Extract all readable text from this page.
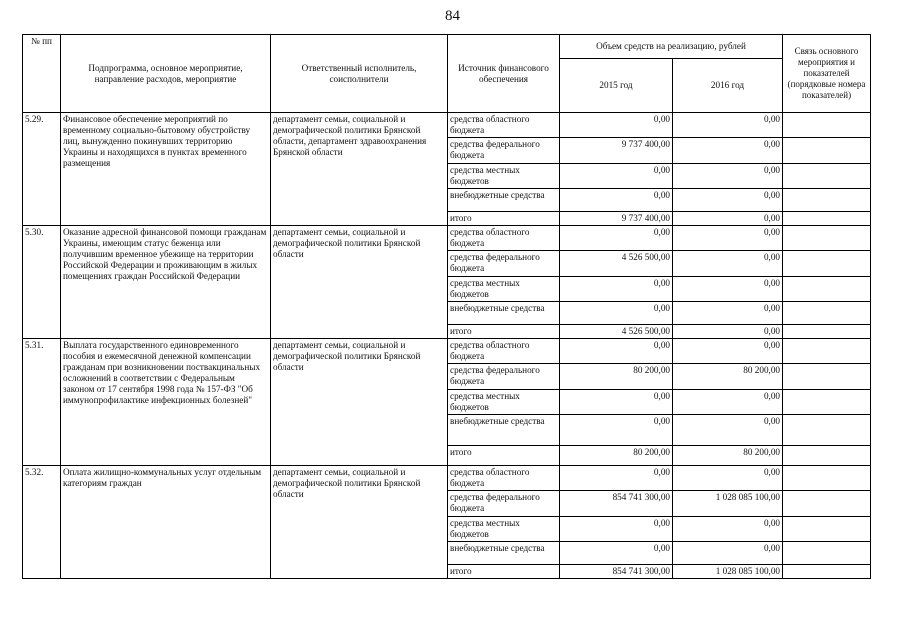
84
№ пп	Подпрограмма, основное мероприятие, направление расходов, мероприятие	Ответственный исполнитель, соисполнители	Источник финансового обеспечения	Объем средств на реализацию, рублей		Связь основного мероприятия и показателей (порядковые номера показателей)
				2015 год	2016 год	
5.29.	Финансовое обеспечение мероприятий по временному социально-бытовому обустройству лиц, вынужденно покинувших территорию Украины и находящихся в пунктах временного размещения	департамент семьи, социальной и демографической политики Брянской области, департамент здравоохранения Брянской области	средства областного бюджета	0,00	0,00	
			средства федерального бюджета	9 737 400,00	0,00	
			средства местных бюджетов	0,00	0,00	
			внебюджетные средства	0,00	0,00	
			итого	9 737 400,00	0,00	
5.30.	Оказание адресной финансовой помощи гражданам Украины, имеющим статус беженца или получившим временное убежище на территории Российской Федерации и проживающим в жилых помещениях граждан Российской Федерации	департамент семьи, социальной и демографической политики Брянской области	средства областного бюджета	0,00	0,00	
			средства федерального бюджета	4 526 500,00	0,00	
			средства местных бюджетов	0,00	0,00	
			внебюджетные средства	0,00	0,00	
			итого	4 526 500,00	0,00	
5.31.	Выплата государственного единовременного пособия и ежемесячной денежной компенсации гражданам при возникновении поствакцинальных осложнений в соответствии с Федеральным законом от 17 сентября 1998 года № 157-ФЗ "Об иммунопрофилактике инфекционных болезней"	департамент семьи, социальной и демографической политики Брянской области	средства областного бюджета	0,00	0,00	
			средства федерального бюджета	80 200,00	80 200,00	
			средства местных бюджетов	0,00	0,00	
			внебюджетные средства	0,00	0,00	
			итого	80 200,00	80 200,00	
5.32.	Оплата жилищно-коммунальных услуг отдельным категориям граждан	департамент семьи, социальной и демографической политики Брянской области	средства областного бюджета	0,00	0,00	
			средства федерального бюджета	854 741 300,00	1 028 085 100,00	
			средства местных бюджетов	0,00	0,00	
			внебюджетные средства	0,00	0,00	
			итого	854 741 300,00	1 028 085 100,00	
